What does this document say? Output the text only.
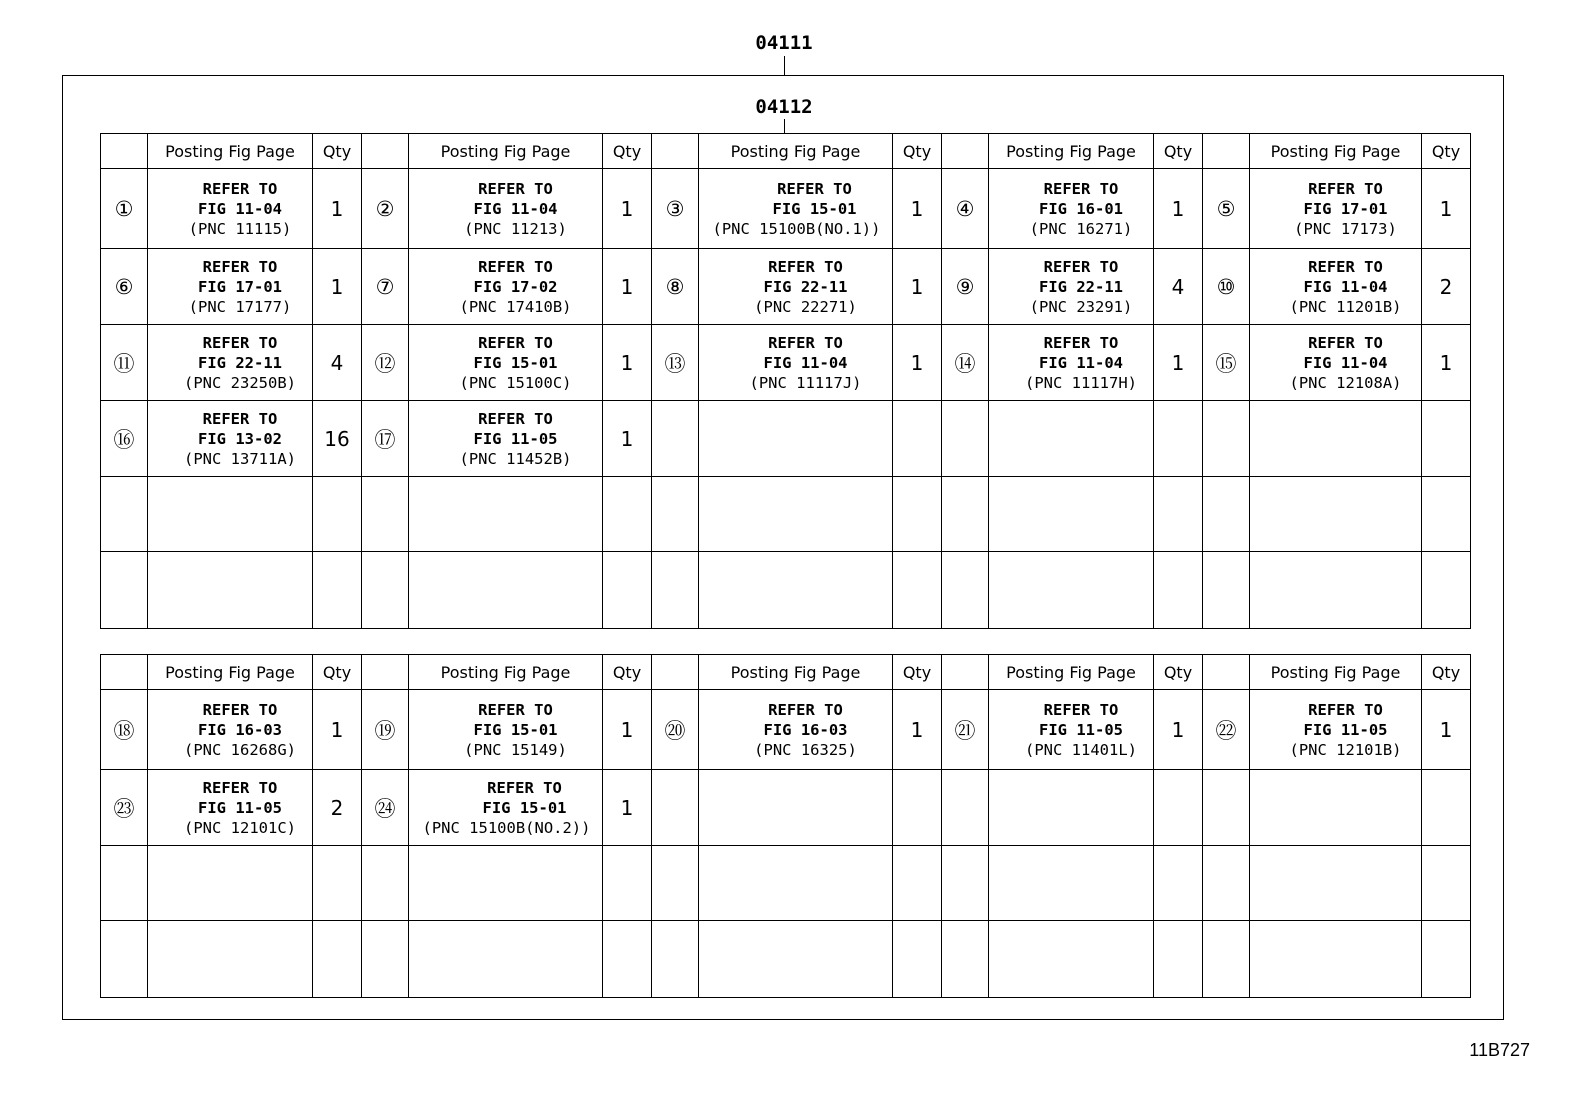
04111
04112
	Posting Fig Page	Qty		Posting Fig Page	Qty		Posting Fig Page	Qty		Posting Fig Page	Qty		Posting Fig Page	Qty
①	REFER TO
FIG 11-04
(PNC 11115)	1	②	REFER TO
FIG 11-04
(PNC 11213)	1	③	REFER TO
FIG 15-01
(PNC 15100B(NO.1))	1	④	REFER TO
FIG 16-01
(PNC 16271)	1	⑤	REFER TO
FIG 17-01
(PNC 17173)	1
⑥	REFER TO
FIG 17-01
(PNC 17177)	1	⑦	REFER TO
FIG 17-02
(PNC 17410B)	1	⑧	REFER TO
FIG 22-11
(PNC 22271)	1	⑨	REFER TO
FIG 22-11
(PNC 23291)	4	⑩	REFER TO
FIG 11-04
(PNC 11201B)	2
⑪	REFER TO
FIG 22-11
(PNC 23250B)	4	⑫	REFER TO
FIG 15-01
(PNC 15100C)	1	⑬	REFER TO
FIG 11-04
(PNC 11117J)	1	⑭	REFER TO
FIG 11-04
(PNC 11117H)	1	⑮	REFER TO
FIG 11-04
(PNC 12108A)	1
⑯	REFER TO
FIG 13-02
(PNC 13711A)	16	⑰	REFER TO
FIG 11-05
(PNC 11452B)	1									

	Posting Fig Page	Qty		Posting Fig Page	Qty		Posting Fig Page	Qty		Posting Fig Page	Qty		Posting Fig Page	Qty
⑱	REFER TO
FIG 16-03
(PNC 16268G)	1	⑲	REFER TO
FIG 15-01
(PNC 15149)	1	⑳	REFER TO
FIG 16-03
(PNC 16325)	1	㉑	REFER TO
FIG 11-05
(PNC 11401L)	1	㉒	REFER TO
FIG 11-05
(PNC 12101B)	1
㉓	REFER TO
FIG 11-05
(PNC 12101C)	2	㉔	REFER TO
FIG 15-01
(PNC 15100B(NO.2))	1									

11B727
